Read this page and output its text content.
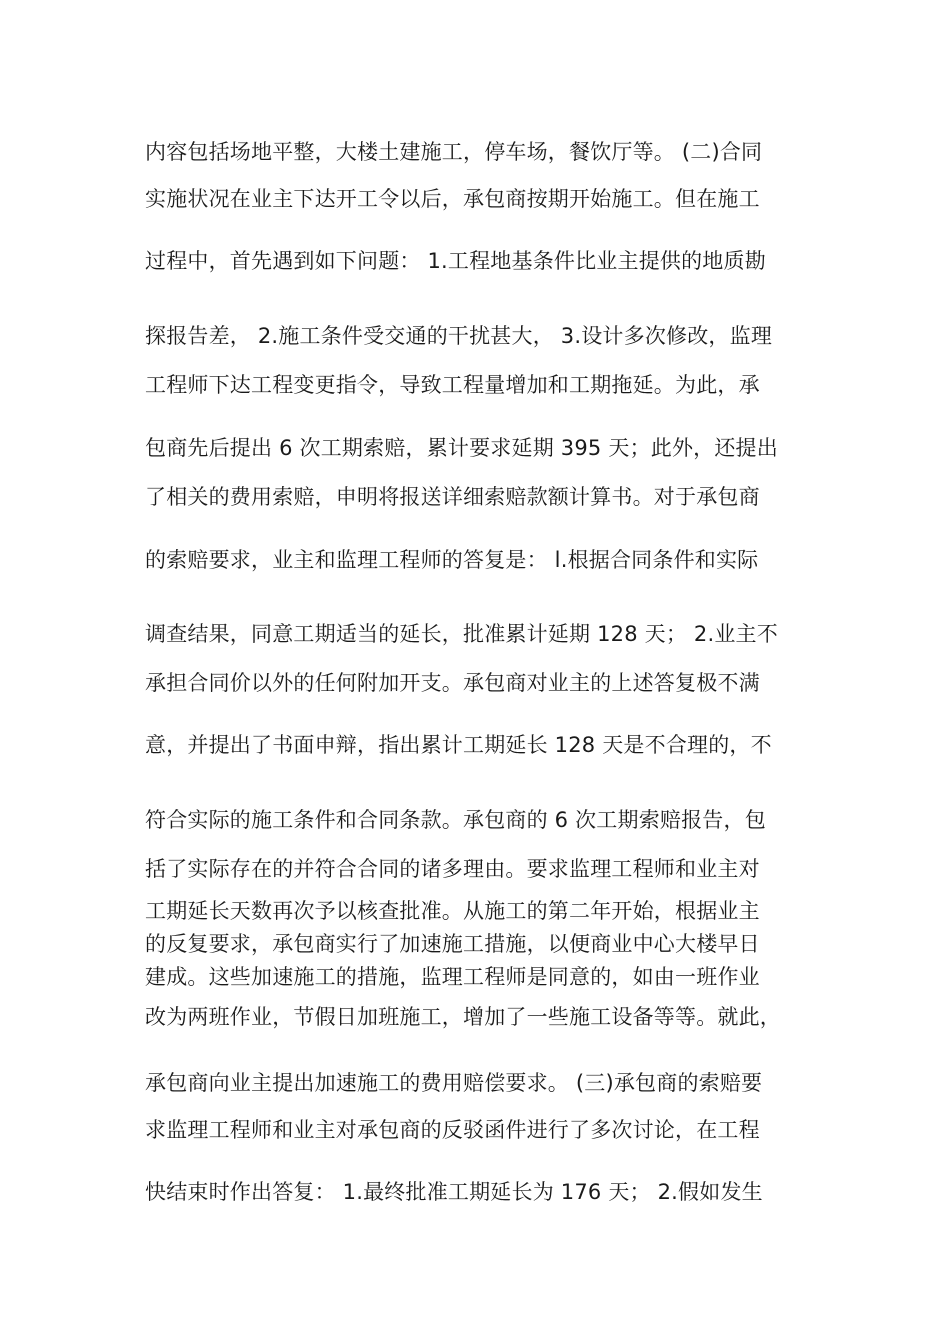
内容包括场地平整，大楼土建施工，停车场，餐饮厅等。 (二)合同
实施状况在业主下达开工令以后，承包商按期开始施工。但在施工
过程中，首先遇到如下问题： 1.工程地基条件比业主提供的地质勘
探报告差， 2.施工条件受交通的干扰甚大， 3.设计多次修改，监理
工程师下达工程变更指令，导致工程量增加和工期拖延。为此，承
包商先后提出 6 次工期索赔，累计要求延期 395 天；此外，还提出
了相关的费用索赔，申明将报送详细索赔款额计算书。对于承包商
的索赔要求，业主和监理工程师的答复是： l.根据合同条件和实际
调查结果，同意工期适当的延长，批准累计延期 128 天； 2.业主不
承担合同价以外的任何附加开支。承包商对业主的上述答复极不满
意，并提出了书面申辩，指出累计工期延长 128 天是不合理的，不
符合实际的施工条件和合同条款。承包商的 6 次工期索赔报告，包
括了实际存在的并符合合同的诸多理由。要求监理工程师和业主对
工期延长天数再次予以核查批准。从施工的第二年开始，根据业主
的反复要求，承包商实行了加速施工措施，以便商业中心大楼早日
建成。这些加速施工的措施，监理工程师是同意的，如由一班作业
改为两班作业，节假日加班施工，增加了一些施工设备等等。就此，
承包商向业主提出加速施工的费用赔偿要求。 (三)承包商的索赔要
求监理工程师和业主对承包商的反驳函件进行了多次讨论，在工程
快结束时作出答复： 1.最终批准工期延长为 176 天； 2.假如发生
